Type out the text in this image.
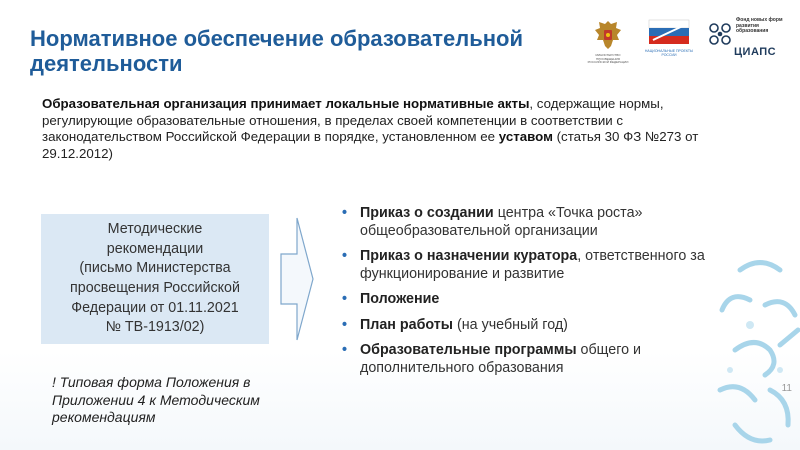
Нормативное обеспечение образовательной деятельности	МИНИСТЕРСТВО ПРОСВЕЩЕНИЯ РОССИЙСКОЙ ФЕДЕРАЦИИ
НАЦИОНАЛЬНЫЕ ПРОЕКТЫ РОССИИ
Фонд новых форм развития образования
ЦИАПС
Образовательная организация принимает локальные нормативные акты, содержащие нормы, регулирующие образовательные отношения, в пределах своей компетенции в соответствии с законодательством Российской Федерации в порядке, установленном ее уставом (статья 30 ФЗ №273 от 29.12.2012)
Методические
рекомендации
(письмо Министерства
просвещения Российской
Федерации от 01.11.2021
№ ТВ-1913/02)
• Приказ о создании центра «Точка роста» общеобразовательной организации
• Приказ о назначении куратора, ответственного за функционирование и развитие
• Положение
• План работы (на учебный год)
• Образовательные программы общего и дополнительного образования
! Типовая форма Положения в Приложении 4 к Методическим рекомендациям
11
